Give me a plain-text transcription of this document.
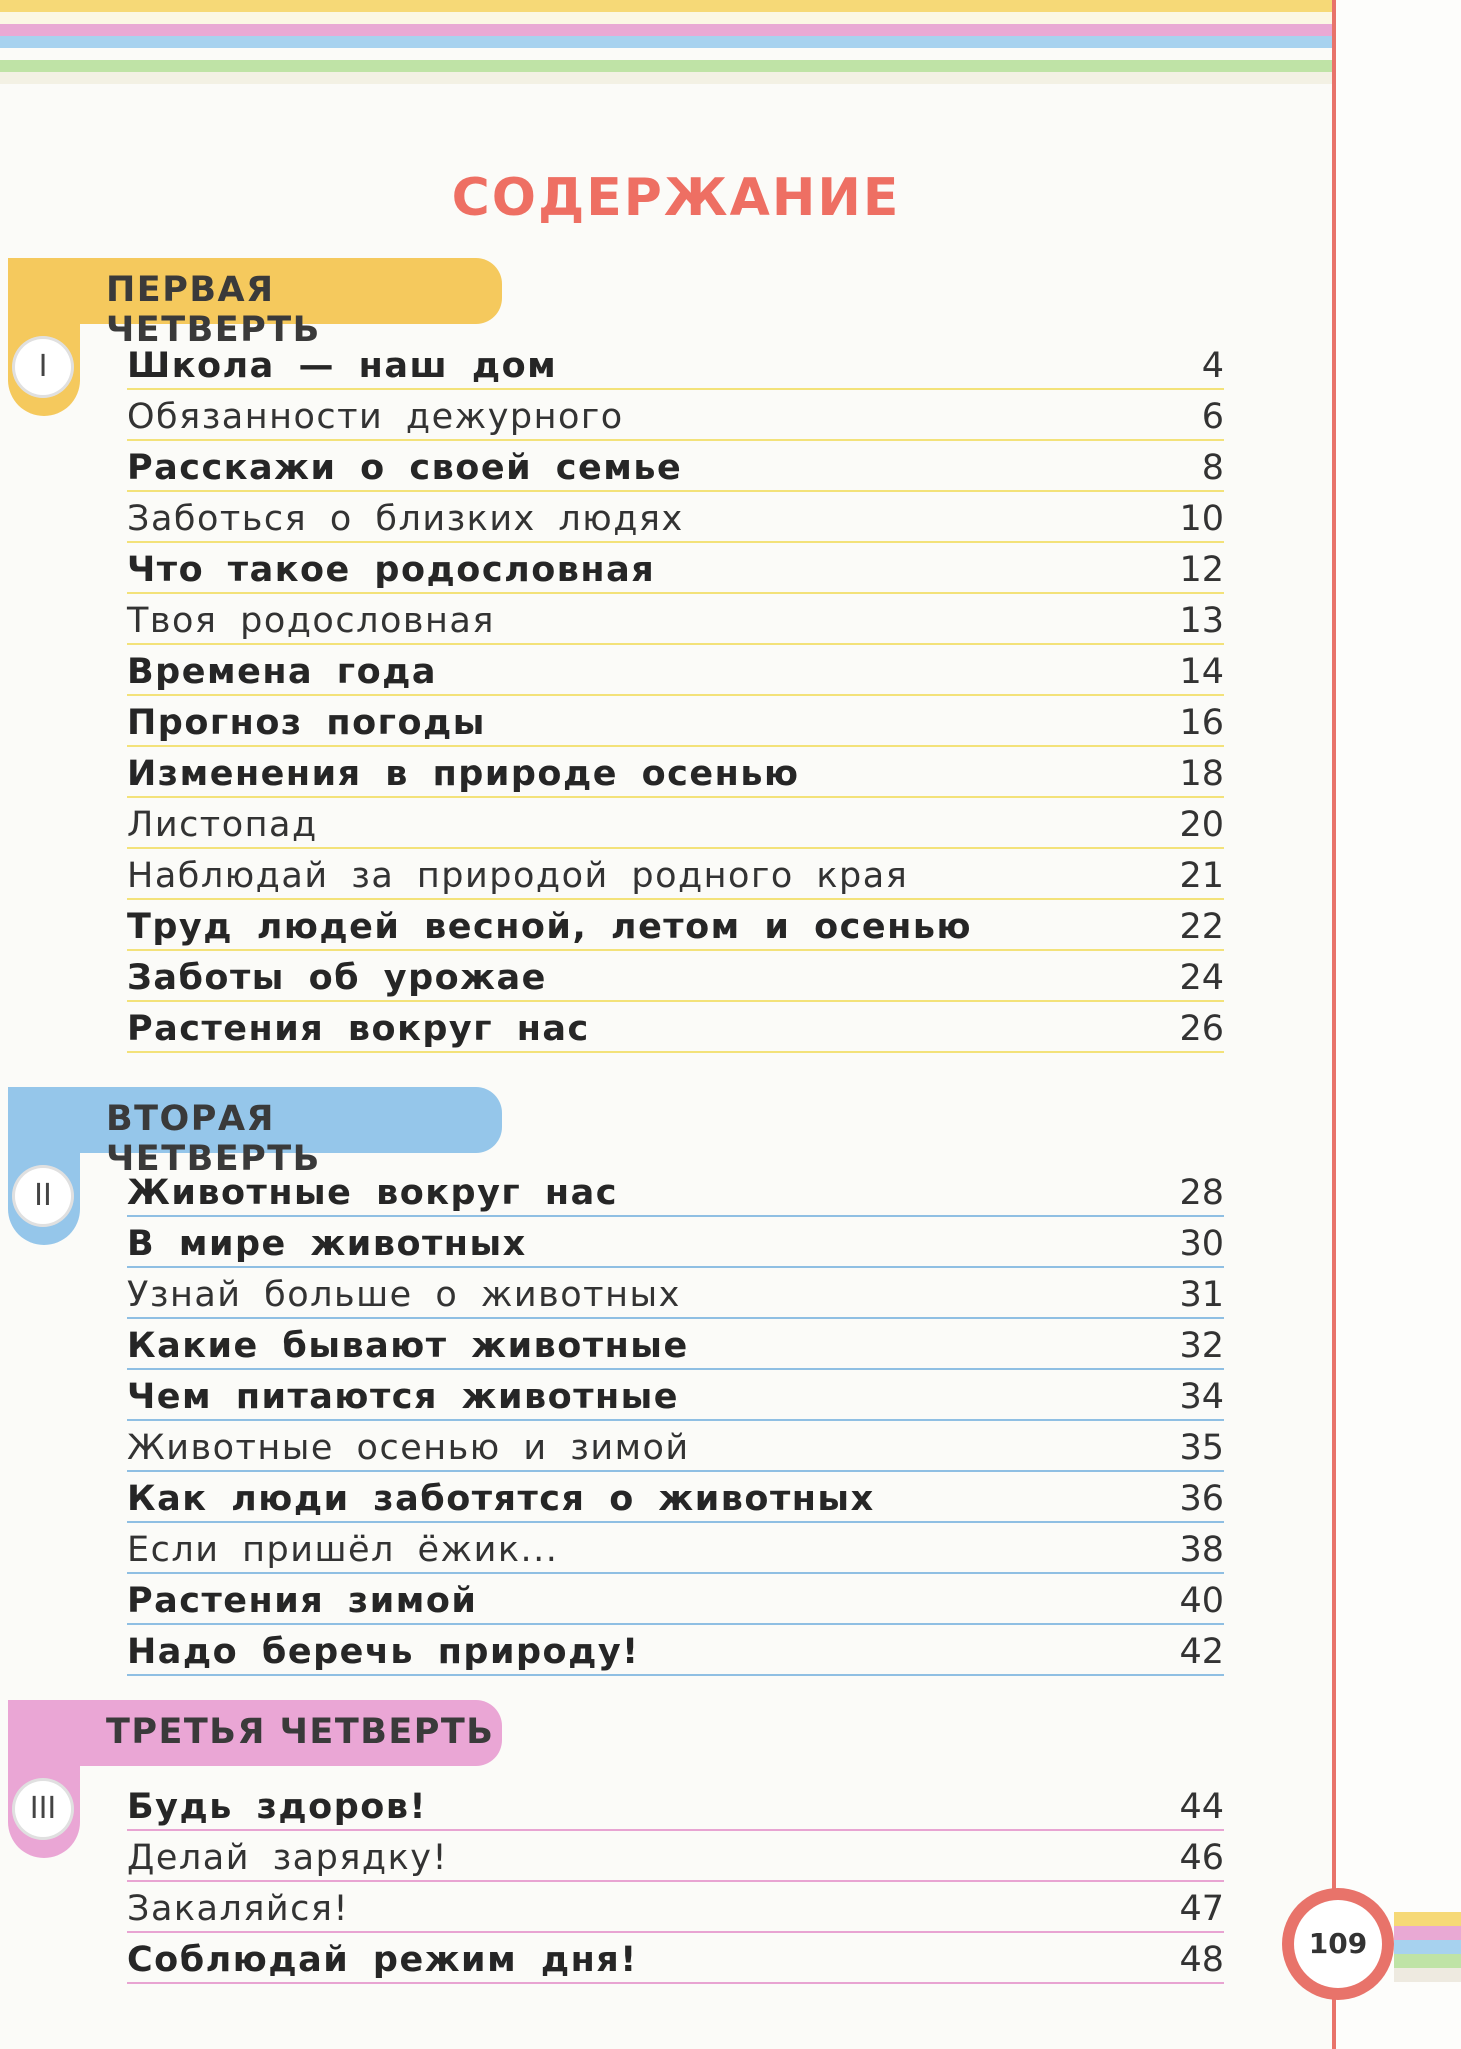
СОДЕРЖАНИЕ
ПЕРВАЯ ЧЕТВЕРТЬ
I	Школа — наш дом	4
Обязанности дежурного	6
Расскажи о своей семье	8
Заботься о близких людях	10
Что такое родословная	12
Твоя родословная	13
Времена года	14
Прогноз погоды	16
Изменения в природе осенью	18
Листопад	20
Наблюдай за природой родного края	21
Труд людей весной, летом и осенью	22
Заботы об урожае	24
Растения вокруг нас	26
ВТОРАЯ ЧЕТВЕРТЬ
II	Животные вокруг нас	28
В мире животных	30
Узнай больше о животных	31
Какие бывают животные	32
Чем питаются животные	34
Животные осенью и зимой	35
Как люди заботятся о животных	36
Если пришёл ёжик...	38
Растения зимой	40
Надо беречь природу!	42
ТРЕТЬЯ ЧЕТВЕРТЬ
III	Будь здоров!	44
Делай зарядку!	46
Закаляйся!	47
Соблюдай режим дня!	48	109
